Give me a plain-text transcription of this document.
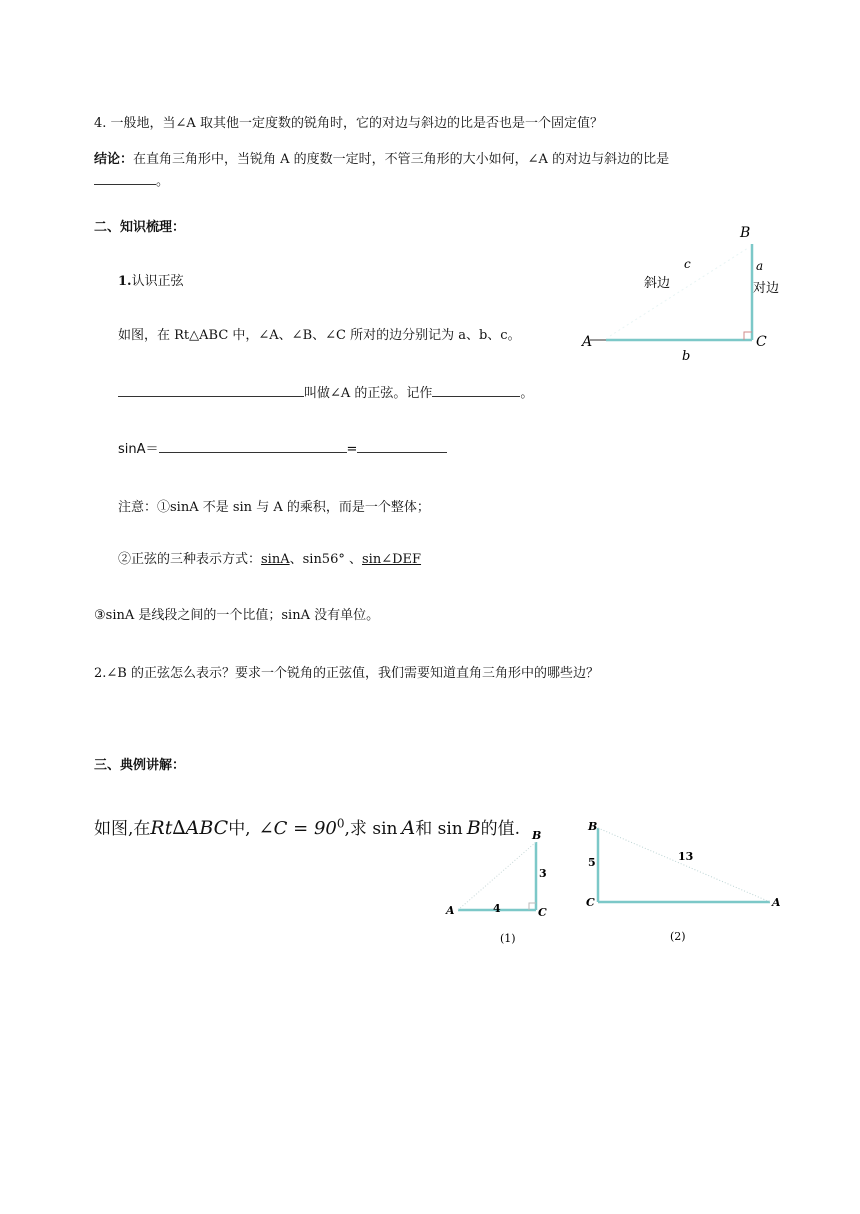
4. 一般地，当∠A 取其他一定度数的锐角时，它的对边与斜边的比是否也是一个固定值？
结论：在直角三角形中，当锐角 A 的度数一定时，不管三角形的大小如何，∠A 的对边与斜边的比是
。
二、知识梳理：
1.认识正弦
如图，在 Rt△ABC 中，∠A、∠B、∠C 所对的边分别记为 a、b、c。
叫做∠A 的正弦。记作	。
sinA＝	=
注意：①sinA 不是 sin 与 A 的乘积，而是一个整体；
②正弦的三种表示方式：sinA、sin56° 、sin∠DEF
③sinA 是线段之间的一个比值；sinA 没有单位。
2.∠B 的正弦怎么表示？要求一个锐角的正弦值，我们需要知道直角三角形中的哪些边？
三、典例讲解：
如图,在Rt∆ABC中, ∠C = $90^0$,求 sin A和 sin B的值.
B
A	C
a
对边
b
c
斜边
B
A	C
3
4
(1)
B
C	A
5	13
(2)
